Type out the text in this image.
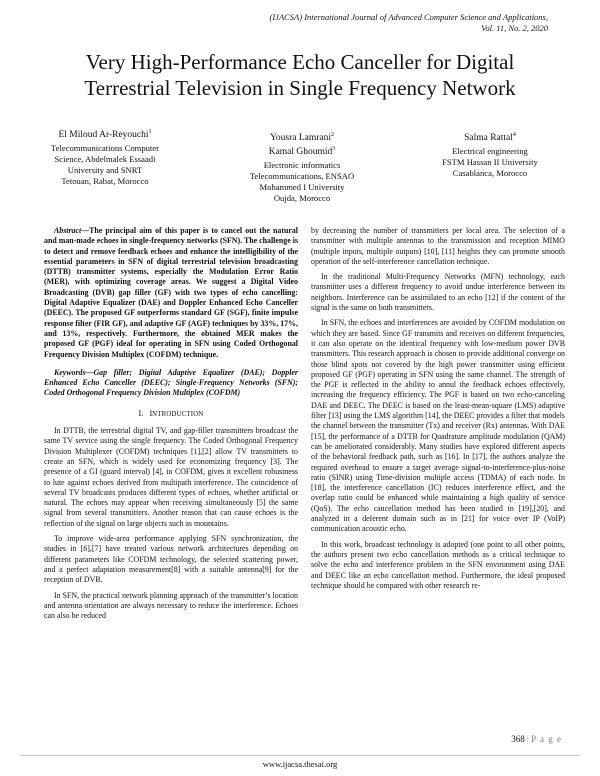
(IJACSA) International Journal of Advanced Computer Science and Applications,
Vol. 11, No. 2, 2020
Very High-Performance Echo Canceller for Digital
Terrestrial Television in Single Frequency Network
El Miloud Ar-Reyouchi$^1$
Telecommunications Computer
Science, Abdelmalek Essaadi
University and SNRT
Tetouan, Rabat, Morocco
Yousra Lamrani$^2$
Kamal Ghoumid$^3$
Electronic informatics
Telecommunications, ENSAO
Mohammed I University
Oujda, Morocco
Salma Rattal$^4$
Electrical engineering
FSTM Hassan II University
Casablanca, Morocco

Abstract—The principal aim of this paper is to cancel out the natural and man-made echoes in single-frequency networks (SFN). The challenge is to detect and remove feedback echoes and enhance the intelligibility of the essential parameters in SFN of digital terrestrial television broadcasting (DTTB) transmitter systems, especially the Modulation Error Ratio (MER), with optimizing coverage areas. We suggest a Digital Video Broadcasting (DVB) gap filler (GF) with two types of echo cancelling: Digital Adaptive Equalizer (DAE) and Doppler Enhanced Echo Canceller (DEEC). The proposed GF outperforms standard GF (SGF), finite impulse response filter (FIR GF), and adaptive GF (AGF) techniques by 33%, 17%, and 13%, respectively. Furthermore, the obtained MER makes the proposed GF (PGF) ideal for operating in SFN using Coded Orthogonal Frequency Division Multiplex (COFDM) technique.

Keywords—Gap filler; Digital Adaptive Equalizer (DAE); Doppler Enhanced Echo Canceller (DEEC); Single-Frequency Networks (SFN); Coded Orthogonal Frequency Division Multiplex (COFDM)

I. INTRODUCTION

In DTTB, the terrestrial digital TV, and gap-filler transmitters broadcast the same TV service using the single frequency. The Coded Orthogonal Frequency Division Multiplexer (COFDM) techniques [1],[2] allow TV transmitters to create an SFN, which is widely used for economizing frequency [3]. The presence of a GI (guard interval) [4], in COFDM, gives it excellent robustness to lute against echoes derived from multipath interference. The coincidence of several TV broadcasts produces different types of echoes, whether artificial or natural. The echoes may appear when receiving simultaneously [5] the same signal from several transmitters. Another reason that can cause echoes is the reflection of the signal on large objects such as mountains.

To improve wide-area performance applying SFN synchronization, the studies in [6],[7] have treated various network architectures depending on different parameters like COFDM technology, the selected scattering power, and a perfect adaptation measurement[8] with a suitable antenna[9] for the reception of DVB.

In SFN, the practical network planning approach of the transmitter’s location and antenna orientation are always necessary to reduce the interference. Echoes can also be reduced

by decreasing the number of transmitters per local area. The selection of a transmitter with multiple antennas to the transmission and reception MIMO (multiple inputs, multiple outputs) [10], [11] heights they can promote smooth operation of the self-interference cancellation technique.

In the traditional Multi-Frequency Networks (MFN) technology, each transmitter uses a different frequency to avoid undue interference between its neighbors. Interference can be assimilated to an echo [12] if the content of the signal is the same on both transmitters.

In SFN, the echoes and interferences are avoided by COFDM modulation on which they are based. Since GF transmits and receives on different frequencies, it can also operate on the identical frequency with low-medium power DVB transmitters. This research approach is chosen to provide additional converge on those blind spots not covered by the high power transmitter using efficient proposed GF (PGF) operating in SFN using the same channel. The strength of the PGF is reflected in the ability to annul the feedback echoes effectively, increasing the frequency efficiency. The PGF is based on two echo-canceling DAE and DEEC. The DEEC is based on the least-mean-square (LMS) adaptive filter [13] using the LMS algorithm [14], the DEEC provides a filter that models the channel between the transmitter (Tx) and receiver (Rx) antennas. With DAE [15], the performance of a DTTB for Quadrature amplitude modulation (QAM) can be ameliorated considerably. Many studies have explored different aspects of the behavioral feedback path, such as [16]. In [17], the authors analyze the required overhead to ensure a target average signal-to-interference-plus-noise ratio (SINR) using Time-division multiple access (TDMA) of each node. In [18], the interference cancellation (IC) reduces interference effect, and the overlap ratio could be enhanced while maintaining a high quality of service (QoS). The echo cancellation method has been studied in [19],[20], and analyzed in a deferent domain such as in [21] for voice over IP (VoIP) communication acoustic echo.

In this work, broadcast technology is adopted (one point to all other points, the authors present two echo cancellation methods as a critical technique to solve the echo and interference problem in the SFN environment using DAE and DEEC like an echo cancellation method. Furthermore, the ideal proposed technique should be compared with other research re-

368 | P a g e
www.ijacsa.thesai.org
